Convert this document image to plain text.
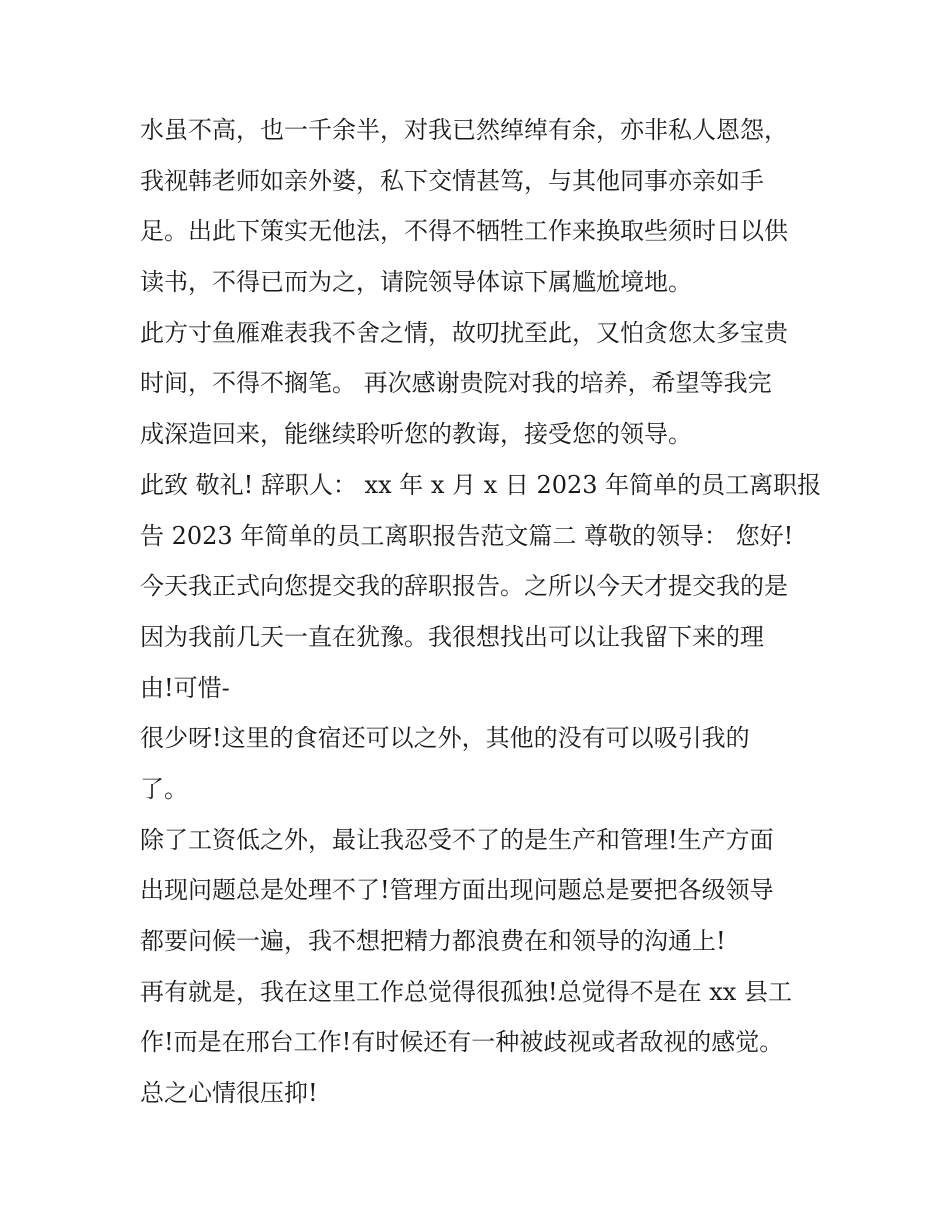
水虽不高，也一千余半，对我已然绰绰有余，亦非私人恩怨，
我视韩老师如亲外婆，私下交情甚笃，与其他同事亦亲如手
足。出此下策实无他法，不得不牺牲工作来换取些须时日以供
读书，不得已而为之，请院领导体谅下属尴尬境地。
此方寸鱼雁难表我不舍之情，故叨扰至此，又怕贪您太多宝贵
时间，不得不搁笔。 再次感谢贵院对我的培养，希望等我完
成深造回来，能继续聆听您的教诲，接受您的领导。
此致 敬礼! 辞职人： xx 年 x 月 x 日 2023 年简单的员工离职报
告 2023 年简单的员工离职报告范文篇二 尊敬的领导： 您好!
今天我正式向您提交我的辞职报告。之所以今天才提交我的是
因为我前几天一直在犹豫。我很想找出可以让我留下来的理
由!可惜-
很少呀!这里的食宿还可以之外，其他的没有可以吸引我的
了。
除了工资低之外，最让我忍受不了的是生产和管理!生产方面
出现问题总是处理不了!管理方面出现问题总是要把各级领导
都要问候一遍，我不想把精力都浪费在和领导的沟通上!
再有就是，我在这里工作总觉得很孤独!总觉得不是在 xx 县工
作!而是在邢台工作!有时候还有一种被歧视或者敌视的感觉。
总之心情很压抑!
